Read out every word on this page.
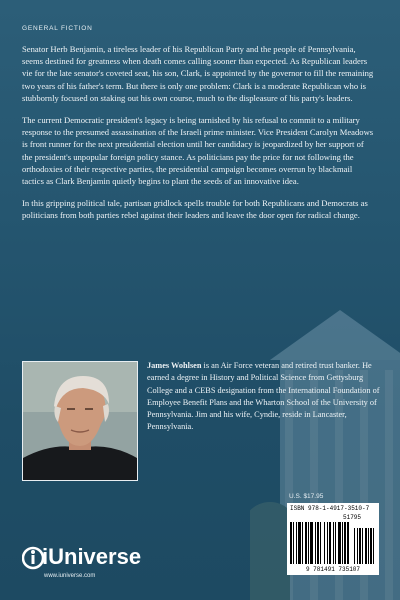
GENERAL FICTION

Senator Herb Benjamin, a tireless leader of his Republican Party and the people of Pennsylvania, seems destined for greatness when death comes calling sooner than expected. As Republican leaders vie for the late senator's coveted seat, his son, Clark, is appointed by the governor to fill the remaining two years of his father's term. But there is only one problem: Clark is a moderate Republican who is stubbornly focused on staking out his own course, much to the displeasure of his party's leaders.

The current Democratic president's legacy is being tarnished by his refusal to commit to a military response to the presumed assassination of the Israeli prime minister. Vice President Carolyn Meadows is front runner for the next presidential election until her candidacy is jeopardized by her support of the president's unpopular foreign policy stance. As politicians pay the price for not following the orthodoxies of their respective parties, the presidential campaign becomes overrun by blackmail tactics as Clark Benjamin quietly begins to plant the seeds of an innovative idea.

In this gripping political tale, partisan gridlock spells trouble for both Republicans and Democrats as politicians from both parties rebel against their leaders and leave the door open for radical change.

James Wohlsen is an Air Force veteran and retired trust banker. He earned a degree in History and Political Science from Gettysburg College and a CEBS designation from the International Foundation of Employee Benefit Plans and the Wharton School of the University of Pennsylvania. Jim and his wife, Cyndie, reside in Lancaster, Pennsylvania.

U.S. $17.95
ISBN 978-1-4917-3510-7
51795
9 781491 735107
iUniverse
www.iuniverse.com
